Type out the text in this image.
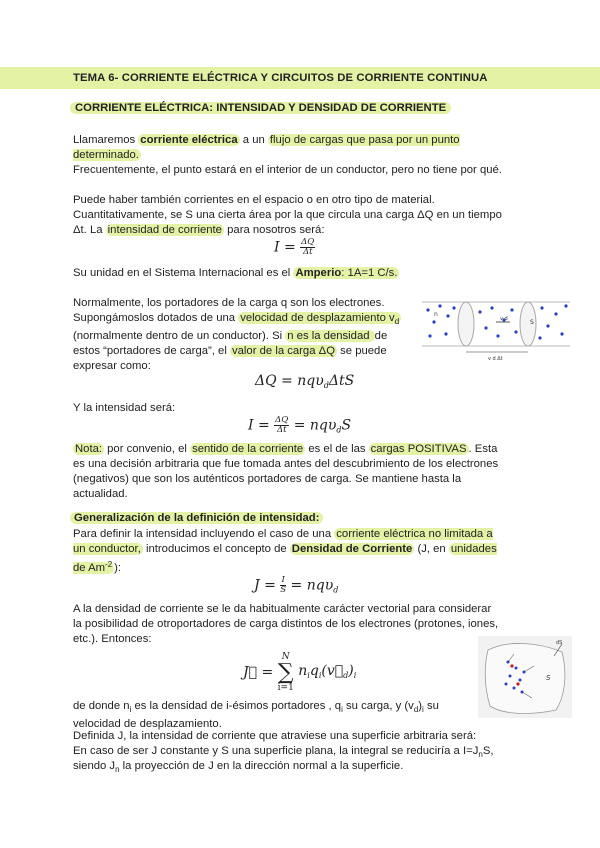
TEMA 6- CORRIENTE ELÉCTRICA Y CIRCUITOS DE CORRIENTE CONTINUA
CORRIENTE ELÉCTRICA: INTENSIDAD Y DENSIDAD DE CORRIENTE
Llamaremos corriente eléctrica a un flujo de cargas que pasa por un punto determinado.
Frecuentemente, el punto estará en el interior de un conductor, pero no tiene por qué.
Puede haber también corrientes en el espacio o en otro tipo de material.
Cuantitativamente, se S una cierta área por la que circula una carga ΔQ en un tiempo Δt. La intensidad de corriente para nosotros será:
$I = \frac{\Delta Q}{\Delta t}$
Su unidad en el Sistema Internacional es el Amperio: 1A=1 C/s.
Normalmente, los portadores de la carga q son los electrones. Supongámoslos dotados de una velocidad de desplazamiento $v_d$ (normalmente dentro de un conductor). Si n es la densidad de estos “portadores de carga”, el valor de la carga ΔQ se puede expresar como:
n
v d	S
v d Δt
ΔQ = nqυ$_d$ΔtS
Y la intensidad será:
$I = \frac{\Delta Q}{\Delta t} = nq\upsilon_dS$
Nota: por convenio, el sentido de la corriente es el de las cargas POSITIVAS . Esta es una decisión arbitraria que fue tomada antes del descubrimiento de los electrones (negativos) que son los auténticos portadores de carga. Se mantiene hasta la actualidad.
Generalización de la definición de intensidad:
Para definir la intensidad incluyendo el caso de una corriente eléctrica no limitada a un conductor, introducimos el concepto de Densidad de Corriente (J, en unidades de $Am^{-2}$ ):
$J = \frac{I}{S} = nq\upsilon_d$
A la densidad de corriente se le da habitualmente carácter vectorial para considerar la posibilidad de otroportadores de carga distintos de los electrones (protones, iones, etc.). Entonces:
J⃗ =
N
∑
i=1
$n_iq_i(v⃗_d)_i$
dS
S
de donde $n_i$ es la densidad de i-ésimos portadores , $q_i$ su carga, y $(v_d)_i$ su velocidad de desplazamiento.
Definida J, la intensidad de corriente que atraviese una superficie arbitraria será:
En caso de ser J constante y S una superficie plana, la integral se reduciría a $I=J_nS$,
siendo $J_n$ la proyección de J en la dirección normal a la superficie.
